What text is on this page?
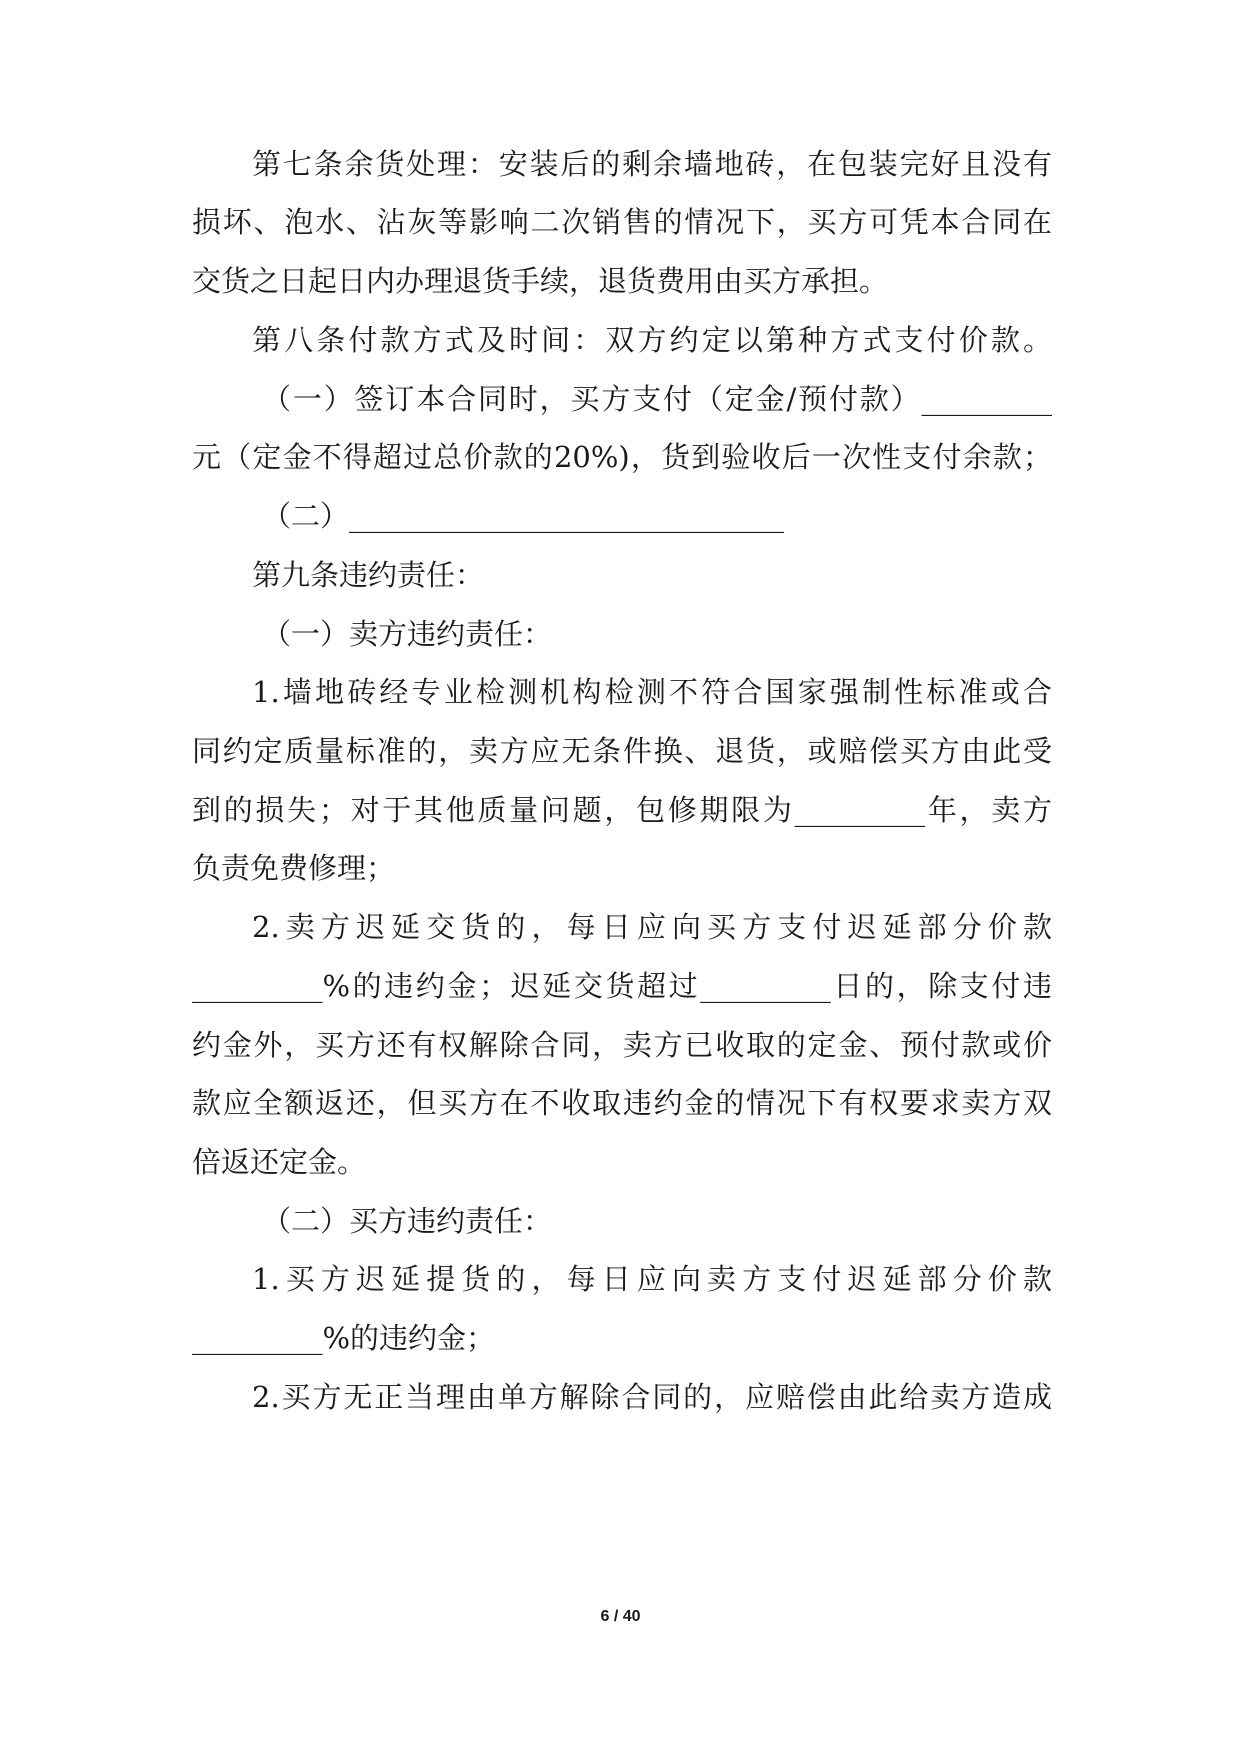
第七条余货处理：安装后的剩余墙地砖，在包装完好且没有
损坏、泡水、沾灰等影响二次销售的情况下，买方可凭本合同在
交货之日起日内办理退货手续，退货费用由买方承担。
第八条付款方式及时间：双方约定以第种方式支付价款。
（一）签订本合同时，买方支付（定金/预付款）_________
元（定金不得超过总价款的20%)，货到验收后一次性支付余款；
（二）______________________________
第九条违约责任：
（一）卖方违约责任：
1.墙地砖经专业检测机构检测不符合国家强制性标准或合
同约定质量标准的，卖方应无条件换、退货，或赔偿买方由此受
到的损失；对于其他质量问题，包修期限为_________年，卖方
负责免费修理；
2.卖方迟延交货的，每日应向买方支付迟延部分价款
_________%的违约金；迟延交货超过_________日的，除支付违
约金外，买方还有权解除合同，卖方已收取的定金、预付款或价
款应全额返还，但买方在不收取违约金的情况下有权要求卖方双
倍返还定金。
（二）买方违约责任：
1.买方迟延提货的，每日应向卖方支付迟延部分价款
_________%的违约金；
2.买方无正当理由单方解除合同的，应赔偿由此给卖方造成
6 / 40
